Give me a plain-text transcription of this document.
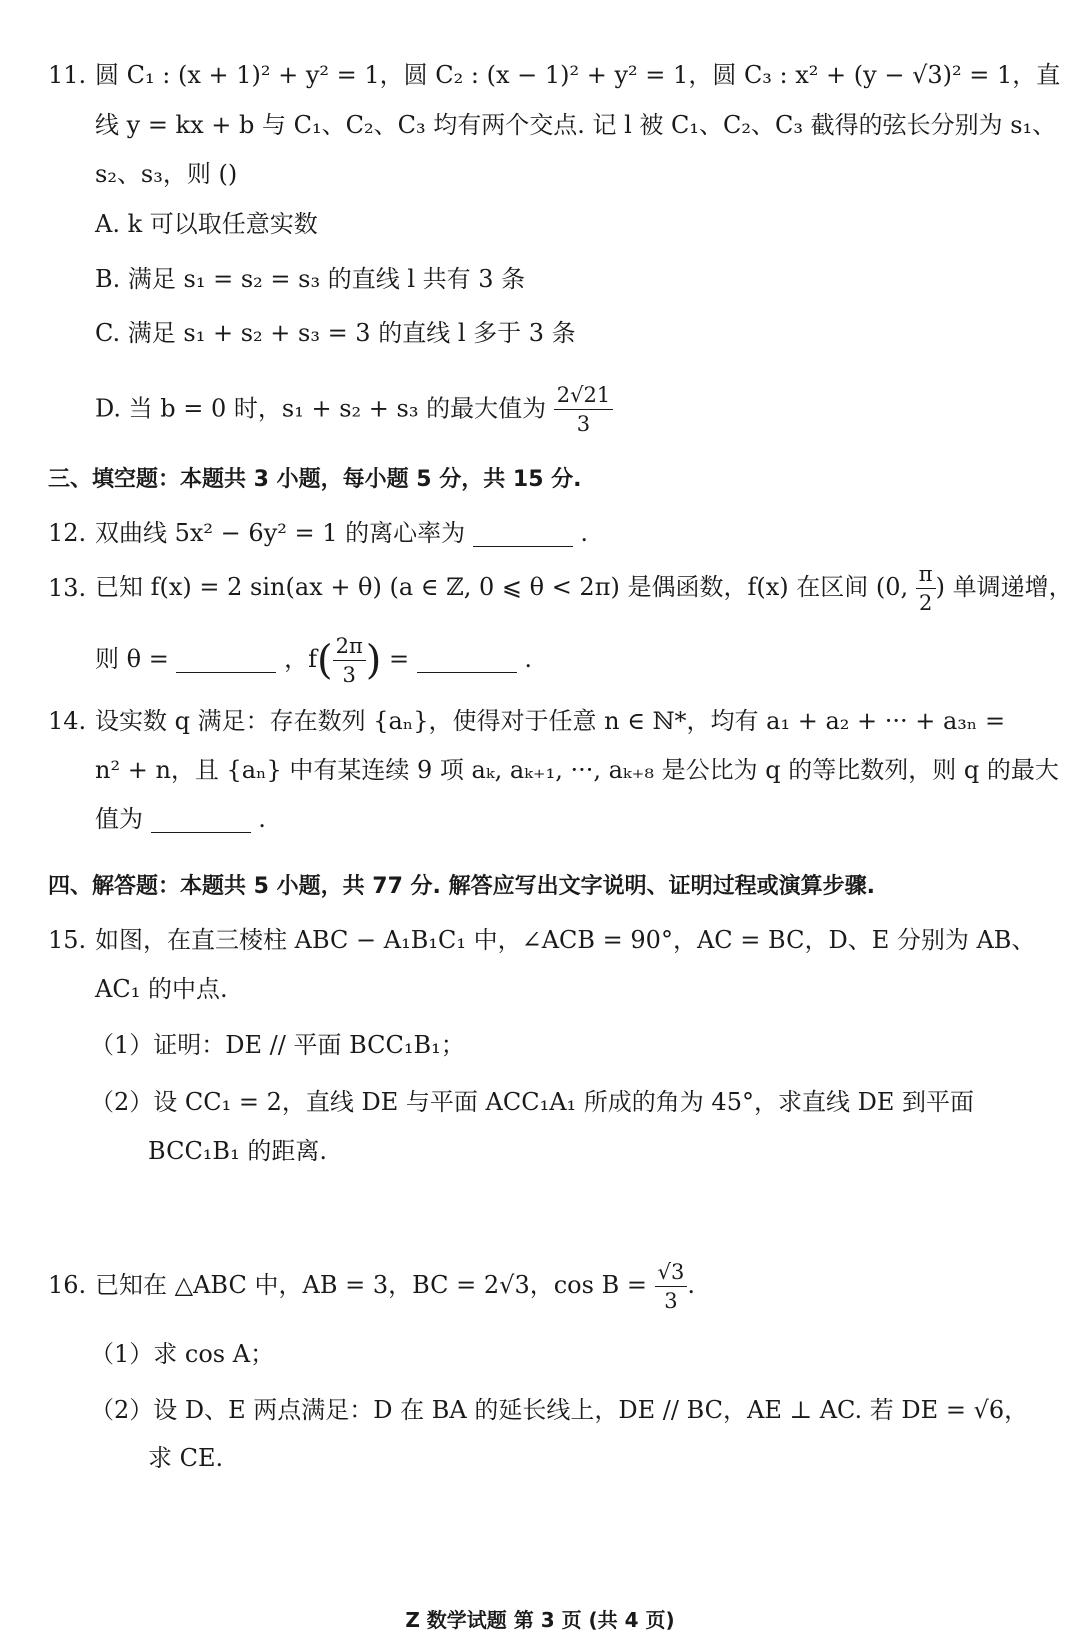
11. 圆 C₁ : (x + 1)² + y² = 1，圆 C₂ : (x − 1)² + y² = 1，圆 C₃ : x² + (y − √3)² = 1，直
线 y = kx + b 与 C₁、C₂、C₃ 均有两个交点. 记 l 被 C₁、C₂、C₃ 截得的弦长分别为 s₁、
s₂、s₃，则 ()
A. k 可以取任意实数
B. 满足 s₁ = s₂ = s₃ 的直线 l 共有 3 条
C. 满足 s₁ + s₂ + s₃ = 3 的直线 l 多于 3 条
D. 当 b = 0 时，s₁ + s₂ + s₃ 的最大值为 $\frac{2√21}{3}$
三、填空题：本题共 3 小题，每小题 5 分，共 15 分.
12. 双曲线 5x² − 6y² = 1 的离心率为	.
13. 已知 f(x) = 2 sin(ax + θ) (a ∈ ℤ, 0 ⩽ θ < 2π) 是偶函数，f(x) 在区间 (0, $\frac{\pi}{2}$ ) 单调递增，
则 θ =	，$f( \frac{2\pi}{3}$ ) =	.
14. 设实数 q 满足：存在数列 {aₙ}，使得对于任意 n ∈ ℕ*，均有 a₁ + a₂ + ··· + a₃ₙ =
n² + n，且 {aₙ} 中有某连续 9 项 aₖ, aₖ₊₁, ···, aₖ₊₈ 是公比为 q 的等比数列，则 q 的最大
值为	.
四、解答题：本题共 5 小题，共 77 分. 解答应写出文字说明、证明过程或演算步骤.
15. 如图，在直三棱柱 ABC − A₁B₁C₁ 中，∠ACB = 90°，AC = BC，D、E 分别为 AB、
AC₁ 的中点.
（1）证明：DE // 平面 BCC₁B₁；
（2）设 CC₁ = 2，直线 DE 与平面 ACC₁A₁ 所成的角为 45°，求直线 DE 到平面
BCC₁B₁ 的距离.
16. 已知在 △ABC 中，AB = 3，BC = 2√3，$\cos B = \frac{√3}{3}$ .
（1）求 cos A；
（2）设 D、E 两点满足：D 在 BA 的延长线上，DE // BC，AE ⊥ AC. 若 DE = √6，
求 CE.
Z 数学试题 第 3 页 (共 4 页)
